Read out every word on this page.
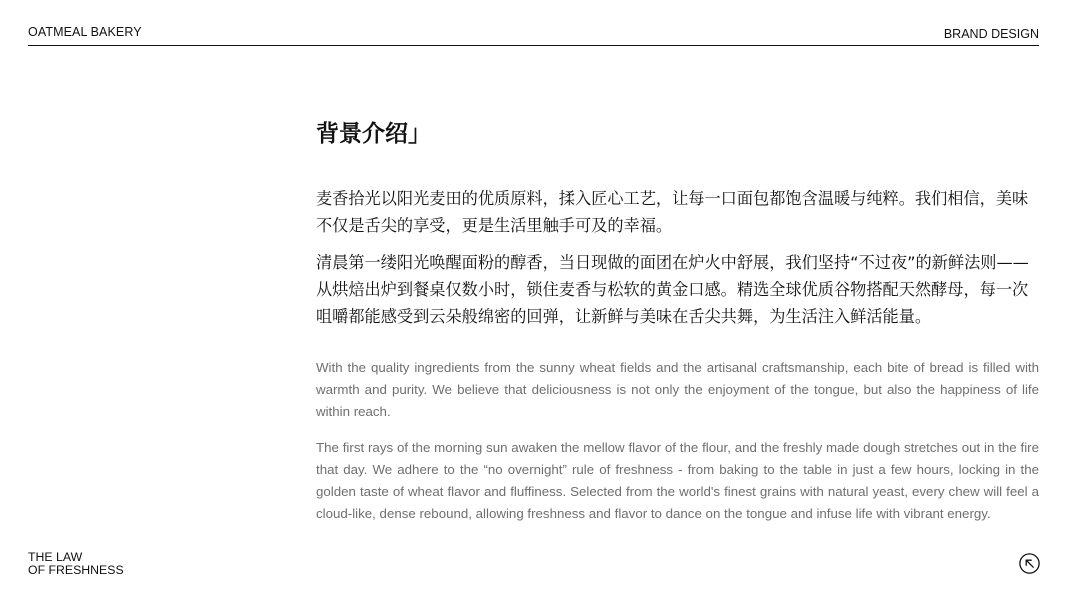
OATMEAL BAKERY	BRAND DESIGN
背景介绍」

麦香拾光以阳光麦田的优质原料，揉入匠心工艺，让每一口面包都饱含温暖与纯粹。我们相信，美味不仅是舌尖的享受，更是生活里触手可及的幸福。

清晨第一缕阳光唤醒面粉的醇香，当日现做的面团在炉火中舒展，我们坚持“不过夜”的新鲜法则——从烘焙出炉到餐桌仅数小时，锁住麦香与松软的黄金口感。精选全球优质谷物搭配天然酵母，每一次咀嚼都能感受到云朵般绵密的回弹，让新鲜与美味在舌尖共舞，为生活注入鲜活能量。

With the quality ingredients from the sunny wheat fields and the artisanal craftsmanship, each bite of bread is filled with warmth and purity. We believe that deliciousness is not only the enjoyment of the tongue, but also the happiness of life within reach.

The first rays of the morning sun awaken the mellow flavor of the flour, and the freshly made dough stretches out in the fire that day. We adhere to the “no overnight” rule of freshness - from baking to the table in just a few hours, locking in the golden taste of wheat flavor and fluffiness. Selected from the world's finest grains with natural yeast, every chew will feel a cloud-like, dense rebound, allowing freshness and flavor to dance on the tongue and infuse life with vibrant energy.

THE LAW
OF FRESHNESS
